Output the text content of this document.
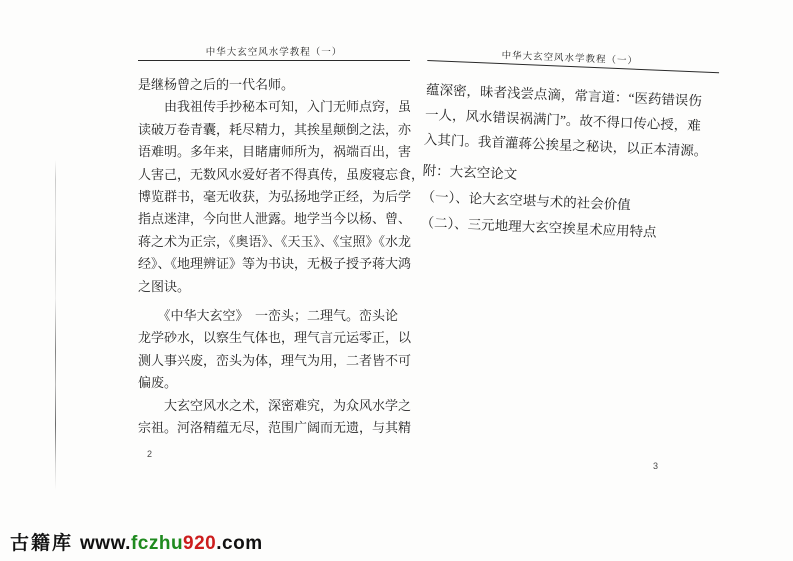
中华大玄空风水学教程（一）
是继杨曾之后的一代名师。
　　由我祖传手抄秘本可知，入门无师点窍，虽
读破万卷青囊，耗尽精力，其挨星颠倒之法，亦
语难明。多年来，目睹庸师所为，祸端百出，害
人害己，无数风水爱好者不得真传，虽废寝忘食，
博览群书，毫无收获，为弘扬地学正经，为后学
指点迷津，今向世人泄露。地学当今以杨、曾、
蒋之术为正宗，《奥语》、《天玉》、《宝照》《水龙
经》、《地理辨证》等为书诀，无极子授予蒋大鸿
之图诀。
　　《中华大玄空》　一峦头；二理气。峦头论
龙学砂水，以察生气体也，理气言元运零正，以
测人事兴废，峦头为体，理气为用，二者皆不可
偏废。
　　大玄空风水之术，深密难究，为众风水学之
宗祖。河洛精蕴无尽，范围广阔而无遗，与其精
中华大玄空风水学教程（一）
蕴深密，昧者浅尝点滴，常言道：“医药错误伤
一人，风水错误祸满门”。故不得口传心授，难
入其门。我首灌蒋公挨星之秘诀，以正本清源。
附：大玄空论文
（一）、论大玄空堪与术的社会价值
（二）、三元地理大玄空挨星术应用特点
2
3
古籍库 www.fczhu920.com
